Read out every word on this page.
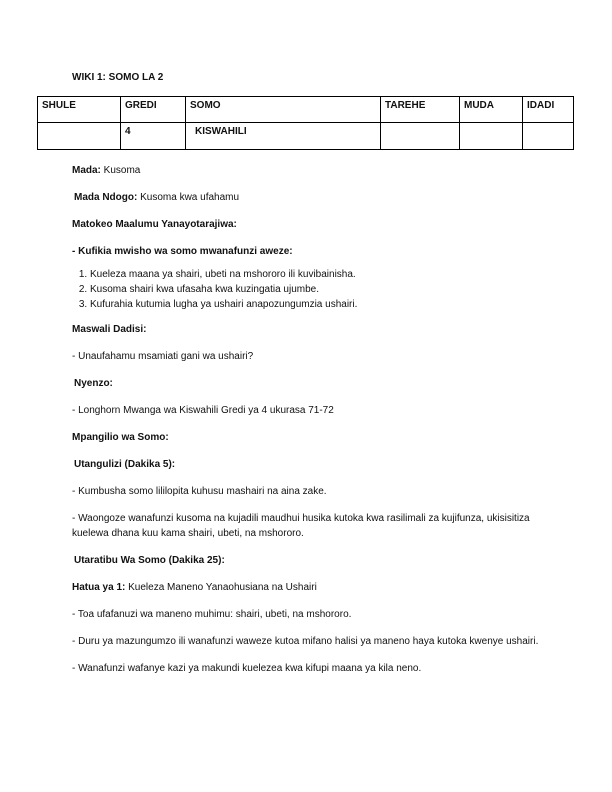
WIKI 1: SOMO LA 2
SHULE	GREDI	SOMO	TAREHE	MUDA	IDADI
	4	KISWAHILI			

Mada: Kusoma

Mada Ndogo: Kusoma kwa ufahamu

Matokeo Maalumu Yanayotarajiwa:

- Kufikia mwisho wa somo mwanafunzi aweze:

1. Kueleza maana ya shairi, ubeti na mshororo ili kuvibainisha.
2. Kusoma shairi kwa ufasaha kwa kuzingatia ujumbe.
3. Kufurahia kutumia lugha ya ushairi anapozungumzia ushairi.

Maswali Dadisi:

- Unaufahamu msamiati gani wa ushairi?

Nyenzo:

- Longhorn Mwanga wa Kiswahili Gredi ya 4 ukurasa 71-72

Mpangilio wa Somo:

Utangulizi (Dakika 5):

- Kumbusha somo lililopita kuhusu mashairi na aina zake.

- Waongoze wanafunzi kusoma na kujadili maudhui husika kutoka kwa rasilimali za kujifunza, ukisisitiza kuelewa dhana kuu kama shairi, ubeti, na mshororo.

Utaratibu Wa Somo (Dakika 25):

Hatua ya 1: Kueleza Maneno Yanaohusiana na Ushairi

- Toa ufafanuzi wa maneno muhimu: shairi, ubeti, na mshororo.

- Duru ya mazungumzo ili wanafunzi waweze kutoa mifano halisi ya maneno haya kutoka kwenye ushairi.

- Wanafunzi wafanye kazi ya makundi kuelezea kwa kifupi maana ya kila neno.
